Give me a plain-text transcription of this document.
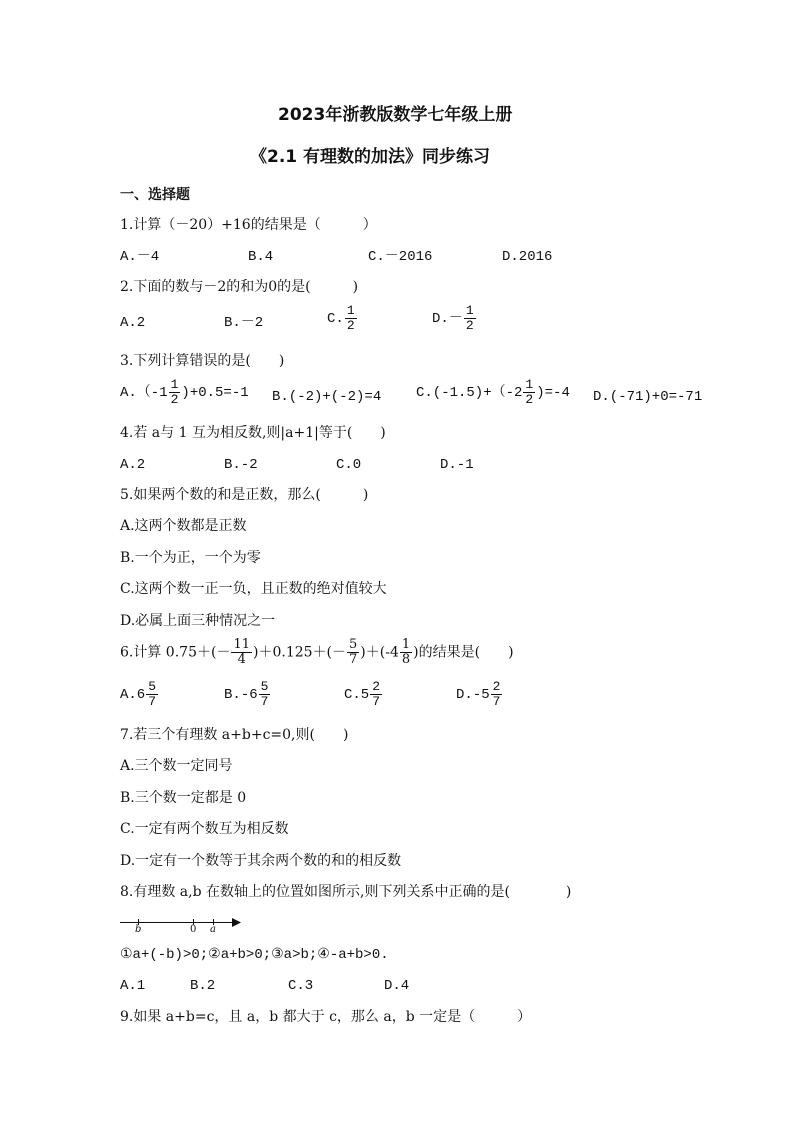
2023年浙教版数学七年级上册
《2.1 有理数的加法》同步练习
一、选择题
1.计算（－20）+16的结果是（　　　）
A.－4	B.4	C.－2016	D.2016
2.下面的数与－2的和为0的是(　　　)
A.2	B.－2	C. $\frac{1}{2}$	$D.- \frac{1}{2}$
3.下列计算错误的是(　　)
$A.(-1 \frac{1}{2} )+0.5=-1$ B.(-2)+(-2)=4 $C.(-1.5)+(-2 \frac{1}{2} )=-4$ D.(-71)+0=-71
4.若 a与 1 互为相反数,则|a+1|等于(　　)
A.2	B.-2	C.0	D.-1
5.如果两个数的和是正数，那么(　　　)
A.这两个数都是正数
B.一个为正，一个为零
C.这两个数一正一负，且正数的绝对值较大
D.必属上面三种情况之一
6.计算 $0.75+(- \frac{11}{4} )+0.125+(- \frac{5}{7} )+(-4 \frac{1}{8}$ )的结果是(　　)
$A.6 \frac{5}{7}$	$B.-6 \frac{5}{7}$	$C.5 \frac{2}{7}$	$D.-5 \frac{2}{7}$
7.若三个有理数 a+b+c=0,则(　　)
A.三个数一定同号
B.三个数一定都是 0
C.一定有两个数互为相反数
D.一定有一个数等于其余两个数的和的相反数
8.有理数 a,b 在数轴上的位置如图所示,则下列关系中正确的是(　　　　)
b	0 a
①a+(-b)>0;②a+b>0;③a>b;④-a+b>0.
A.1	B.2	C.3	D.4
9.如果 a+b=c，且 a，b 都大于 c，那么 a，b 一定是（　　　）
